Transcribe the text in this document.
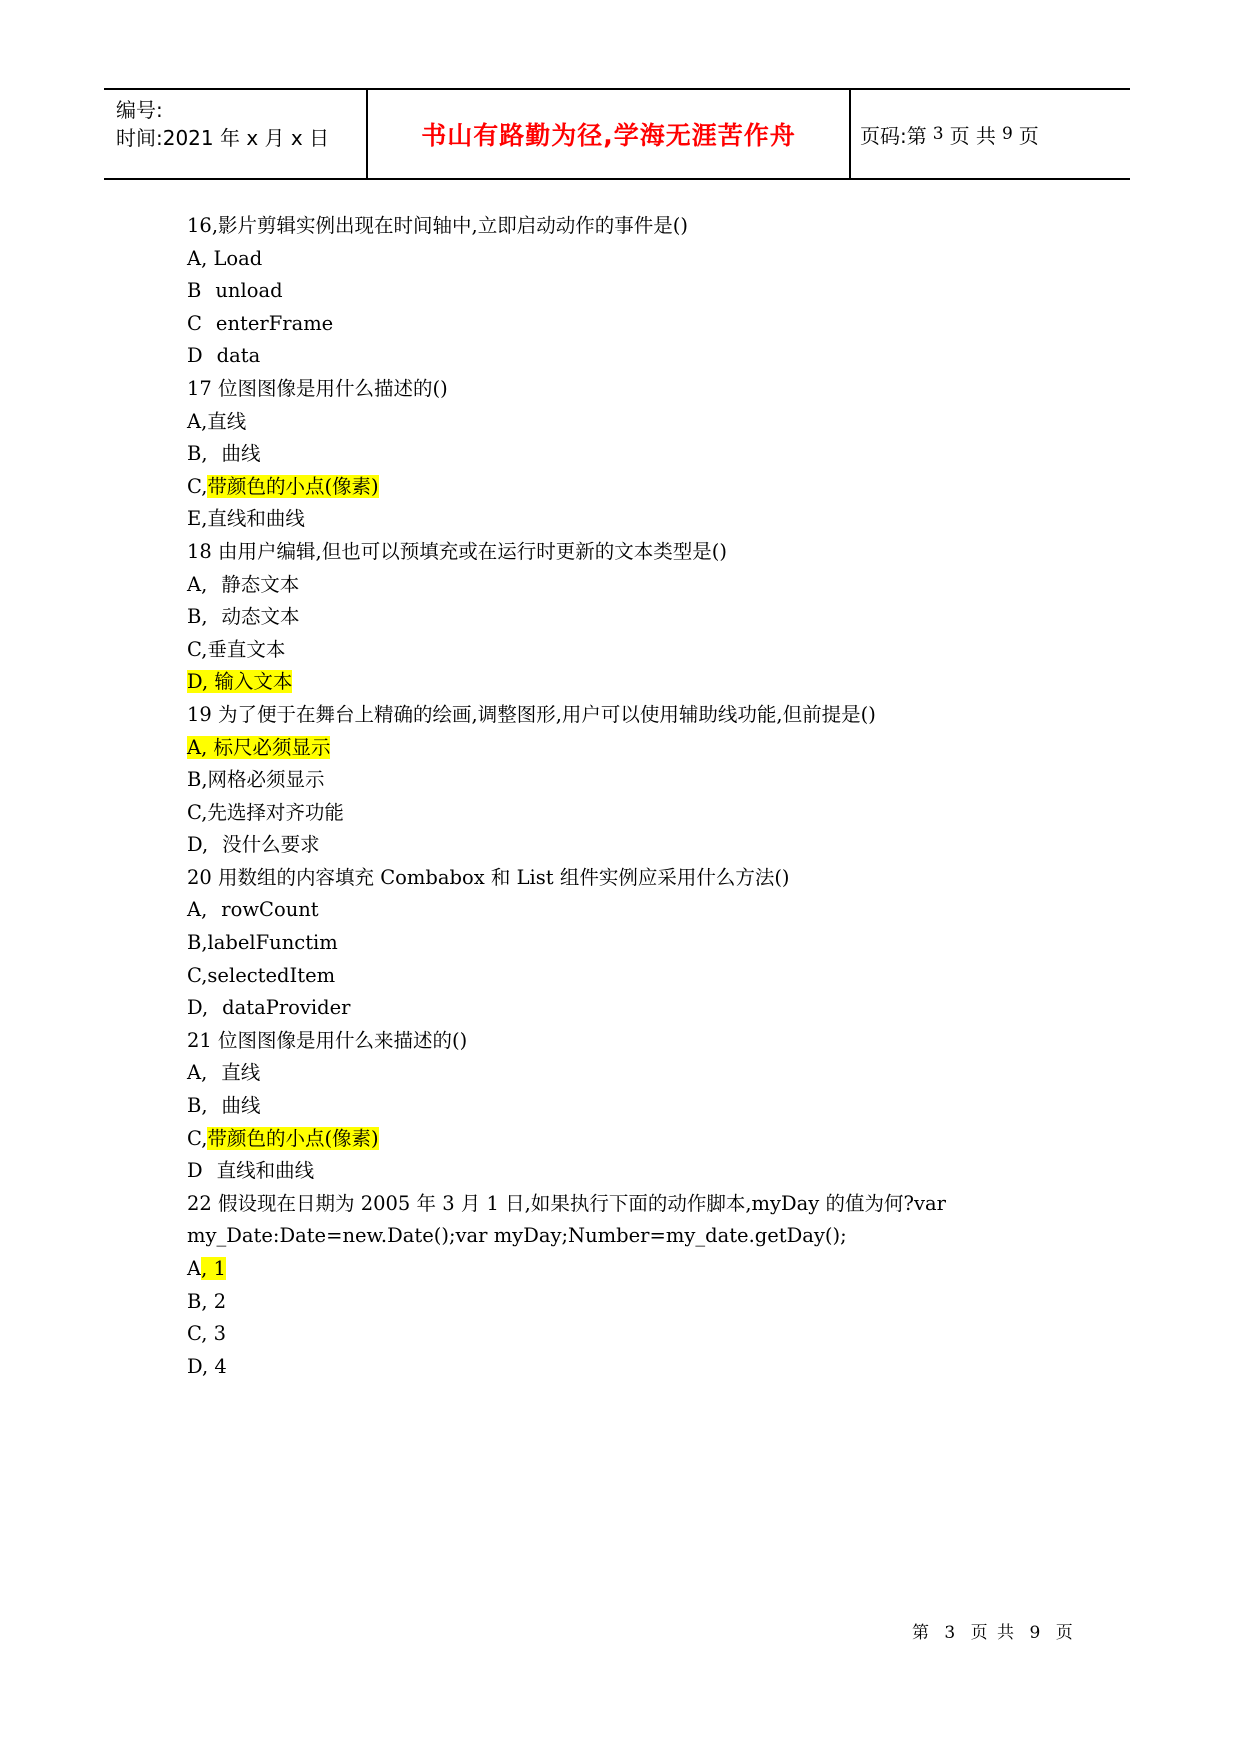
编号:
时间:2021 年 x 月 x 日	书山有路勤为径,学海无涯苦作舟	页码:第 3 页 共 9 页
16,影片剪辑实例出现在时间轴中,立即启动动作的事件是()
A, Load
B unload
C enterFrame
D data
17 位图图像是用什么描述的()
A,直线
B, 曲线
C,带颜色的小点(像素)
E,直线和曲线
18 由用户编辑,但也可以预填充或在运行时更新的文本类型是()
A, 静态文本
B, 动态文本
C,垂直文本
D, 输入文本
19 为了便于在舞台上精确的绘画,调整图形,用户可以使用辅助线功能,但前提是()
A, 标尺必须显示
B,网格必须显示
C,先选择对齐功能
D, 没什么要求
20 用数组的内容填充 Combabox 和 List 组件实例应采用什么方法()
A, rowCount
B,labelFunctim
C,selectedItem
D, dataProvider
21 位图图像是用什么来描述的()
A, 直线
B, 曲线
C,带颜色的小点(像素)
D 直线和曲线
22 假设现在日期为 2005 年 3 月 1 日,如果执行下面的动作脚本,myDay 的值为何?var my_Date:Date=new.Date();var myDay;Number=my_date.getDay();
A, 1
B, 2
C, 3
D, 4
第 3 页 共 9 页
